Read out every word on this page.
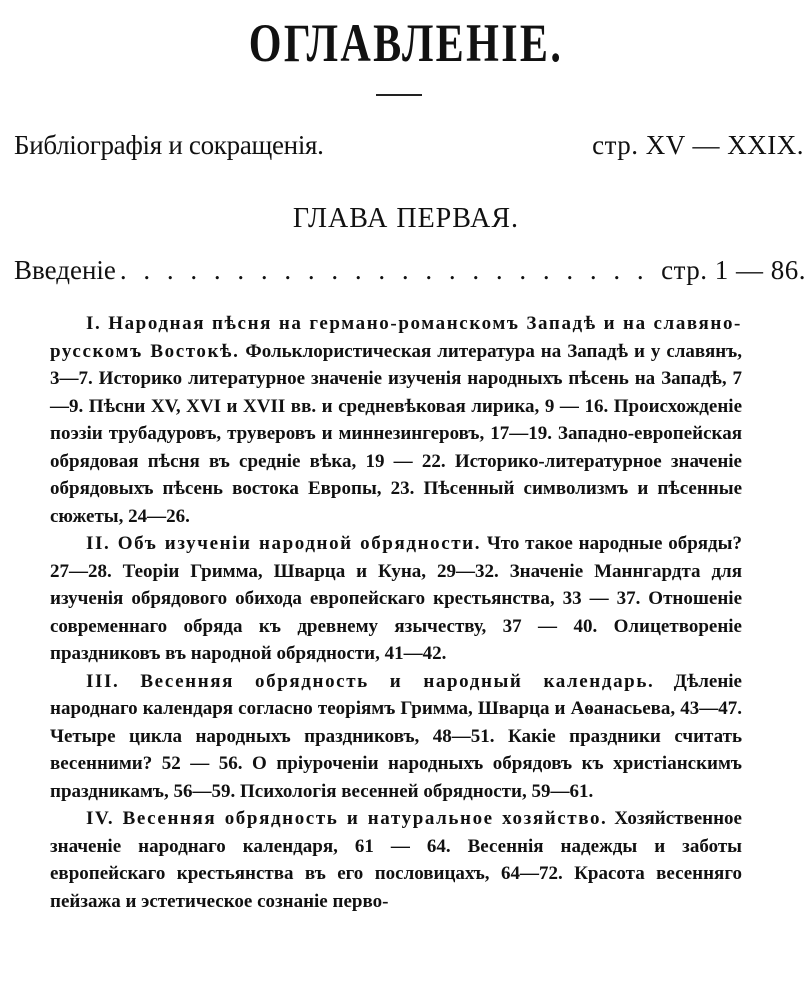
ОГЛАВЛЕНІЕ.
Библіографія и сокращенія.	стр. XV — XXIX.
ГЛАВА ПЕРВАЯ.
Введеніе
. . .	стр. 1 — 86.

I. Народная пѣсня на германо-романскомъ Западѣ и на славяно-русскомъ Востокѣ. Фольклористическая литература на Западѣ и у славянъ, 3—7. Историко литературное значеніе изученія народныхъ пѣсень на Западѣ, 7—9. Пѣсни XV, XVI и XVII вв. и средневѣковая лирика, 9 — 16. Происхожденіе поэзіи трубадуровъ, труверовъ и миннезингеровъ, 17—19. Западно-европейская обрядовая пѣсня въ средніе вѣка, 19 — 22. Историко-литературное значеніе обрядовыхъ пѣсень востока Европы, 23. Пѣсенный символизмъ и пѣсенные сюжеты, 24—26.

II. Объ изученіи народной обрядности. Что такое народные обряды? 27—28. Теоріи Гримма, Шварца и Куна, 29—32. Значеніе Маннгардта для изученія обрядового обихода европейскаго крестьянства, 33 — 37. Отношеніе современнаго обряда къ древнему язычеству, 37 — 40. Олицетвореніе праздниковъ въ народной обрядности, 41—42.

III. Весенняя обрядность и народный календарь. Дѣленіе народнаго календаря согласно теоріямъ Гримма, Шварца и Аѳанасьева, 43—47. Четыре цикла народныхъ праздниковъ, 48—51. Какіе праздники считать весенними? 52 — 56. О пріуроченіи народныхъ обрядовъ къ христіанскимъ праздникамъ, 56—59. Психологія весенней обрядности, 59—61.

IV. Весенняя обрядность и натуральное хозяйство. Хозяйственное значеніе народнаго календаря, 61 — 64. Весеннія надежды и заботы европейскаго крестьянства въ его пословицахъ, 64—72. Красота весенняго пейзажа и эстетическое сознаніе перво-
